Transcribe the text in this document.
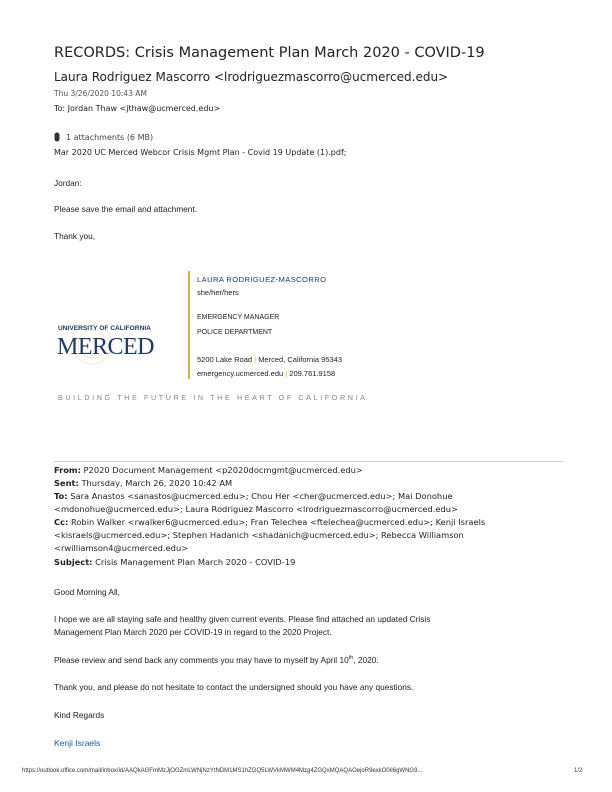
RECORDS: Crisis Management Plan March 2020 - COVID-19
Laura Rodriguez Mascorro <lrodriguezmascorro@ucmerced.edu>
Thu 3/26/2020 10:43 AM
To: Jordan Thaw <jthaw@ucmerced.edu>
1 attachments (6 MB)
Mar 2020 UC Merced Webcor Crisis Mgmt Plan - Covid 19 Update (1).pdf;
Jordan:
Please save the email and attachment.
Thank you,
UNIVERSITY OF CALIFORNIA
MERCED
LAURA RODRIGUEZ-MASCORRO
she/her/hers
EMERGENCY MANAGER
POLICE DEPARTMENT
5200 Lake Road | Merced, California 95343
emergency.ucmerced.edu | 209.761.9158
BUILDING THE FUTURE IN THE HEART OF CALIFORNIA
From: P2020 Document Management <p2020docmgmt@ucmerced.edu>
Sent: Thursday, March 26, 2020 10:42 AM
To: Sara Anastos <sanastos@ucmerced.edu>; Chou Her <cher@ucmerced.edu>; Mai Donohue
<mdonohue@ucmerced.edu>; Laura Rodriguez Mascorro <lrodriguezmascorro@ucmerced.edu>
Cc: Robin Walker <rwalker6@ucmerced.edu>; Fran Telechea <ftelechea@ucmerced.edu>; Kenji Israels
<kisraels@ucmerced.edu>; Stephen Hadanich <shadanich@ucmerced.edu>; Rebecca Williamson
<rwilliamson4@ucmerced.edu>
Subject: Crisis Management Plan March 2020 - COVID-19
Good Morning All,
I hope we are all staying safe and healthy given current events. Please find attached an updated Crisis
Management Plan March 2020 per COVID-19 in regard to the 2020 Project.
Please review and send back any comments you may have to myself by April 10th, 2020.
Thank you, and please do not hesitate to contact the undersigned should you have any questions.
Kind Regards
Kenji Israels
https://outlook.office.com/mail/inbox/id/AAQkAGFmMzJjOGZmLWNjNzYtNDM1MS1hZGQ5LWVkMWM4Mzg4ZGQxMQAQAOejoR9exkO0iI6gWNG9...	1/2
